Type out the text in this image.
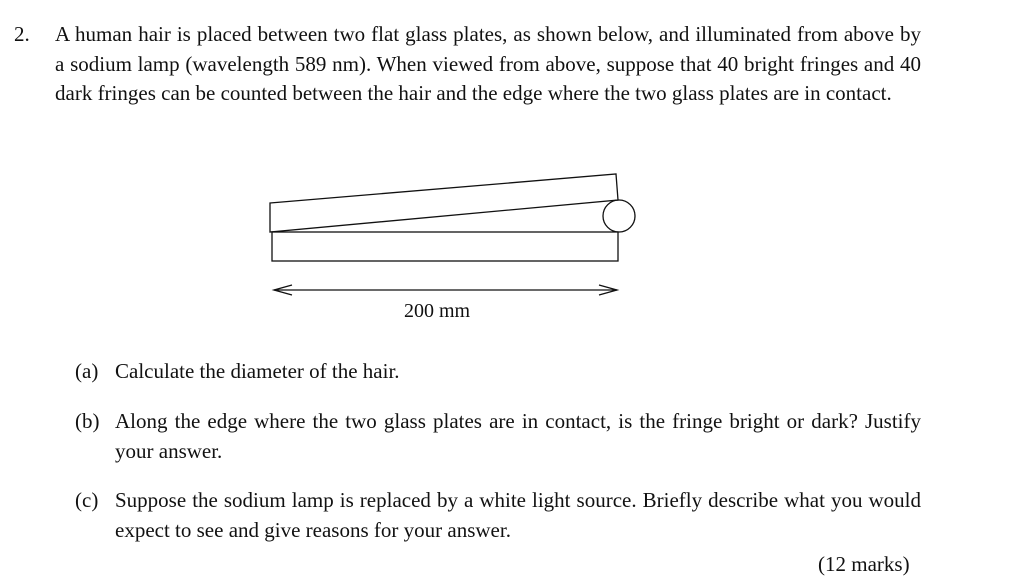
2. A human hair is placed between two flat glass plates, as shown below, and illuminated from above by a sodium lamp (wavelength 589 nm). When viewed from above, suppose that 40 bright fringes and 40 dark fringes can be counted between the hair and the edge where the two glass plates are in contact.

200 mm
(a) Calculate the diameter of the hair.
(b) Along the edge where the two glass plates are in contact, is the fringe bright or dark? Justify your answer.
(c) Suppose the sodium lamp is replaced by a white light source. Briefly describe what you would expect to see and give reasons for your answer.
(12 marks)
